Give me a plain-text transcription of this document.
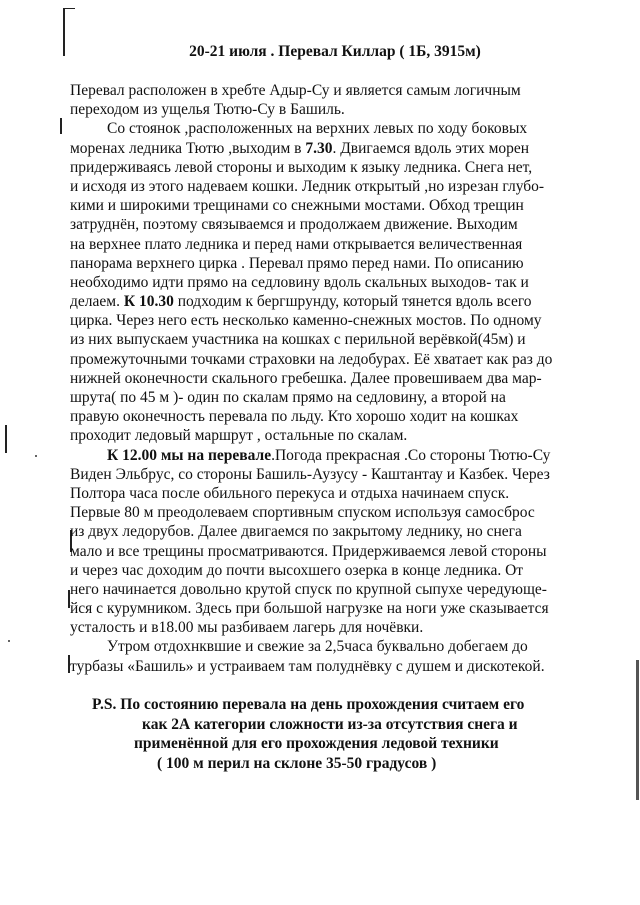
20-21 июля . Перевал Киллар ( 1Б, 3915м)
Перевал расположен в хребте Адыр-Су и является самым логичным
переходом из ущелья Тютю-Су в Башиль.
Со стоянок ,расположенных на верхних левых по ходу боковых
моренах ледника Тютю ,выходим в 7.30. Двигаемся вдоль этих морен
придерживаясь левой стороны и выходим к языку ледника. Снега нет,
и исходя из этого надеваем кошки. Ледник открытый ,но изрезан глубо-
кими и широкими трещинами со снежными мостами. Обход трещин
затруднён, поэтому связываемся и продолжаем движение. Выходим
на верхнее плато ледника и перед нами открывается величественная
панорама верхнего цирка . Перевал прямо перед нами. По описанию
необходимо идти прямо на седловину вдоль скальных выходов- так и
делаем. К 10.30 подходим к бергшрунду, который тянется вдоль всего
цирка. Через него есть несколько каменно-снежных мостов. По одному
из них выпускаем участника на кошках с перильной верёвкой(45м) и
промежуточными точками страховки на ледобурах. Её хватает как раз до
нижней оконечности скального гребешка. Далее провешиваем два мар-
шрута( по 45 м )- один по скалам прямо на седловину, а второй на
правую оконечность перевала по льду. Кто хорошо ходит на кошках
проходит ледовый маршрут , остальные по скалам.
К 12.00 мы на перевале.Погода прекрасная .Со стороны Тютю-Су
Виден Эльбрус, со стороны Башиль-Аузусу - Каштантау и Казбек. Через
Полтора часа после обильного перекуса и отдыха начинаем спуск.
Первые 80 м преодолеваем спортивным спуском используя самосброс
из двух ледорубов. Далее двигаемся по закрытому леднику, но снега
мало и все трещины просматриваются. Придерживаемся левой стороны
и через час доходим до почти высохшего озерка в конце ледника. От
него начинается довольно крутой спуск по крупной сыпухе чередующе-
йся с курумником. Здесь при большой нагрузке на ноги уже сказывается
усталость и в18.00 мы разбиваем лагерь для ночёвки.
Утром отдохнквшие и свежие за 2,5часа буквально добегаем до
турбазы «Башиль» и устраиваем там полуднёвку с душем и дискотекой.
P.S. По состоянию перевала на день прохождения считаем его
как 2А категории сложности из-за отсутствия снега и
применённой для его прохождения ледовой техники
( 100 м перил на склоне 35-50 градусов )
